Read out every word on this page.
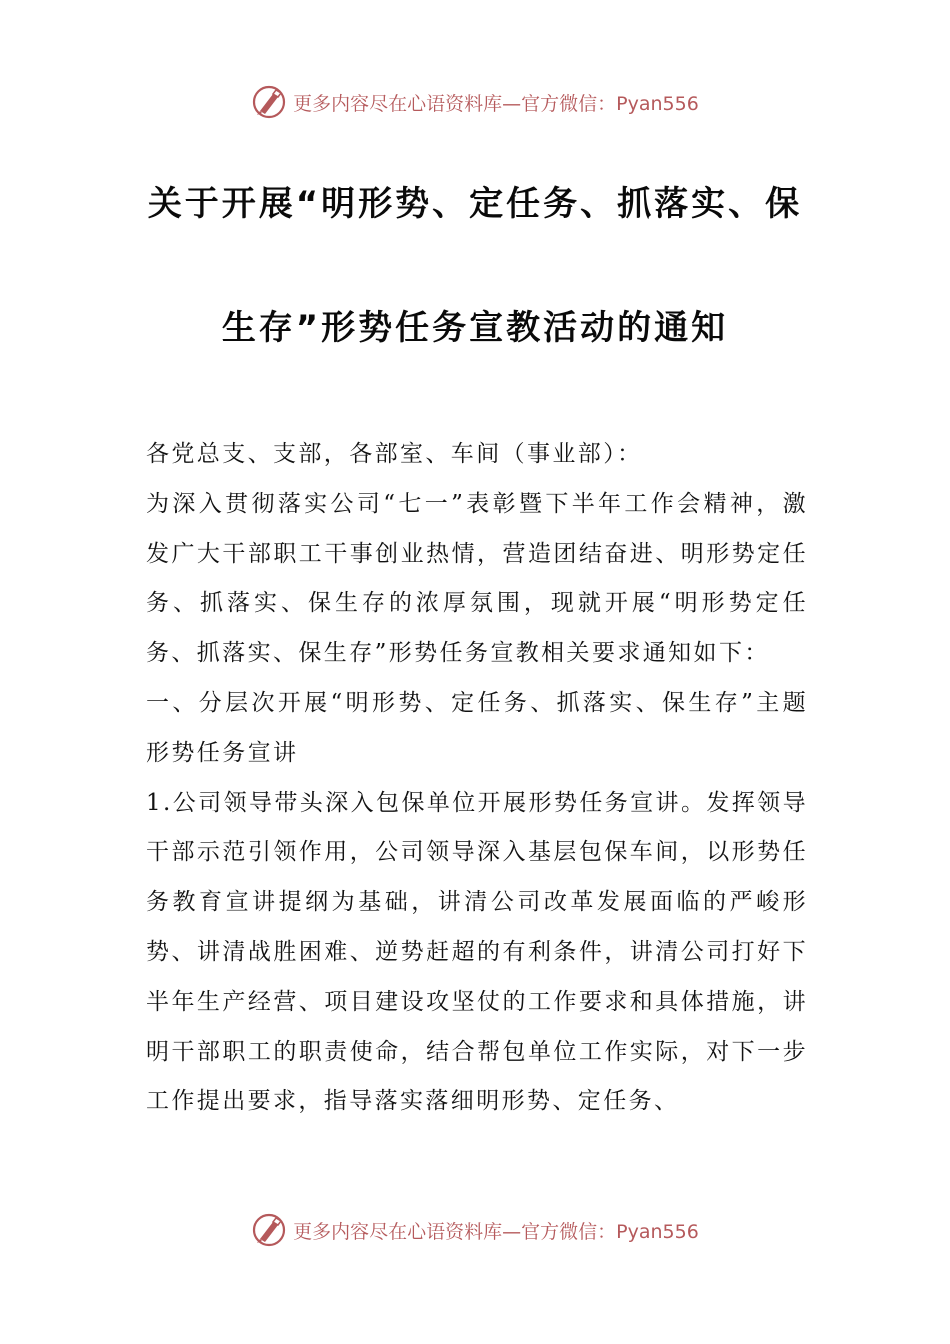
更多内容尽在心语资料库—官方微信：Pyan556
关于开展“明形势、定任务、抓落实、保
生存”形势任务宣教活动的通知

各党总支、支部，各部室、车间（事业部）：

为深入贯彻落实公司“七一”表彰暨下半年工作会精神，激发广大干部职工干事创业热情，营造团结奋进、明形势定任务、抓落实、保生存的浓厚氛围，现就开展“明形势定任务、抓落实、保生存”形势任务宣教相关要求通知如下：

一、分层次开展“明形势、定任务、抓落实、保生存”主题形势任务宣讲

1.公司领导带头深入包保单位开展形势任务宣讲。发挥领导干部示范引领作用，公司领导深入基层包保车间，以形势任务教育宣讲提纲为基础，讲清公司改革发展面临的严峻形势、讲清战胜困难、逆势赶超的有利条件，讲清公司打好下半年生产经营、项目建设攻坚仗的工作要求和具体措施，讲明干部职工的职责使命，结合帮包单位工作实际，对下一步工作提出要求，指导落实落细明形势、定任务、

更多内容尽在心语资料库—官方微信：Pyan556
